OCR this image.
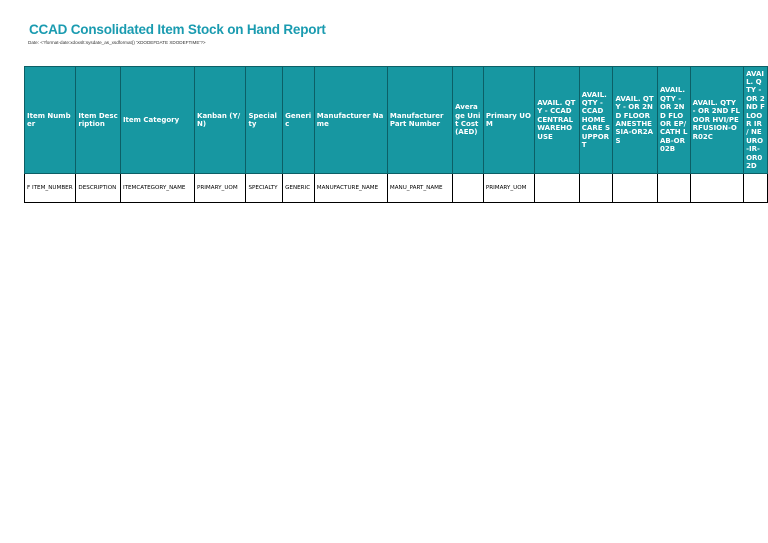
CCAD Consolidated Item Stock on Hand Report
Date: <?format-date:xdoxslt:sysdate_as_xsdformat() 'XDODEFDATE XDODEFTIME'?>
Item Number	Item Description	Item Category	Kanban (Y/N)	Specialty	Generic	Manufacturer Name	Manufacturer Part Number	Average Unit Cost (AED)	Primary UOM	AVAIL. QTY - CCAD CENTRAL WAREHOUSE	AVAIL. QTY - CCAD HOME CARE SUPPORT	AVAIL. QTY - OR 2ND FLOOR ANESTHESIA-OR2AS	AVAIL. QTY - OR 2ND FLOOR EP/CATH LAB-OR02B	AVAIL. QTY - OR 2ND FLOOR HVI/PERFUSION-OR02C	AVAIL. QTY - OR 2ND FLOOR IR / NEURO-IR-OR02D
F ITEM_NUMBER	DESCRIPTION	ITEMCATEGORY_NAME	PRIMARY_UOM	SPECIALTY	GENERIC	MANUFACTURE_NAME	MANU_PART_NAME		PRIMARY_UOM						
